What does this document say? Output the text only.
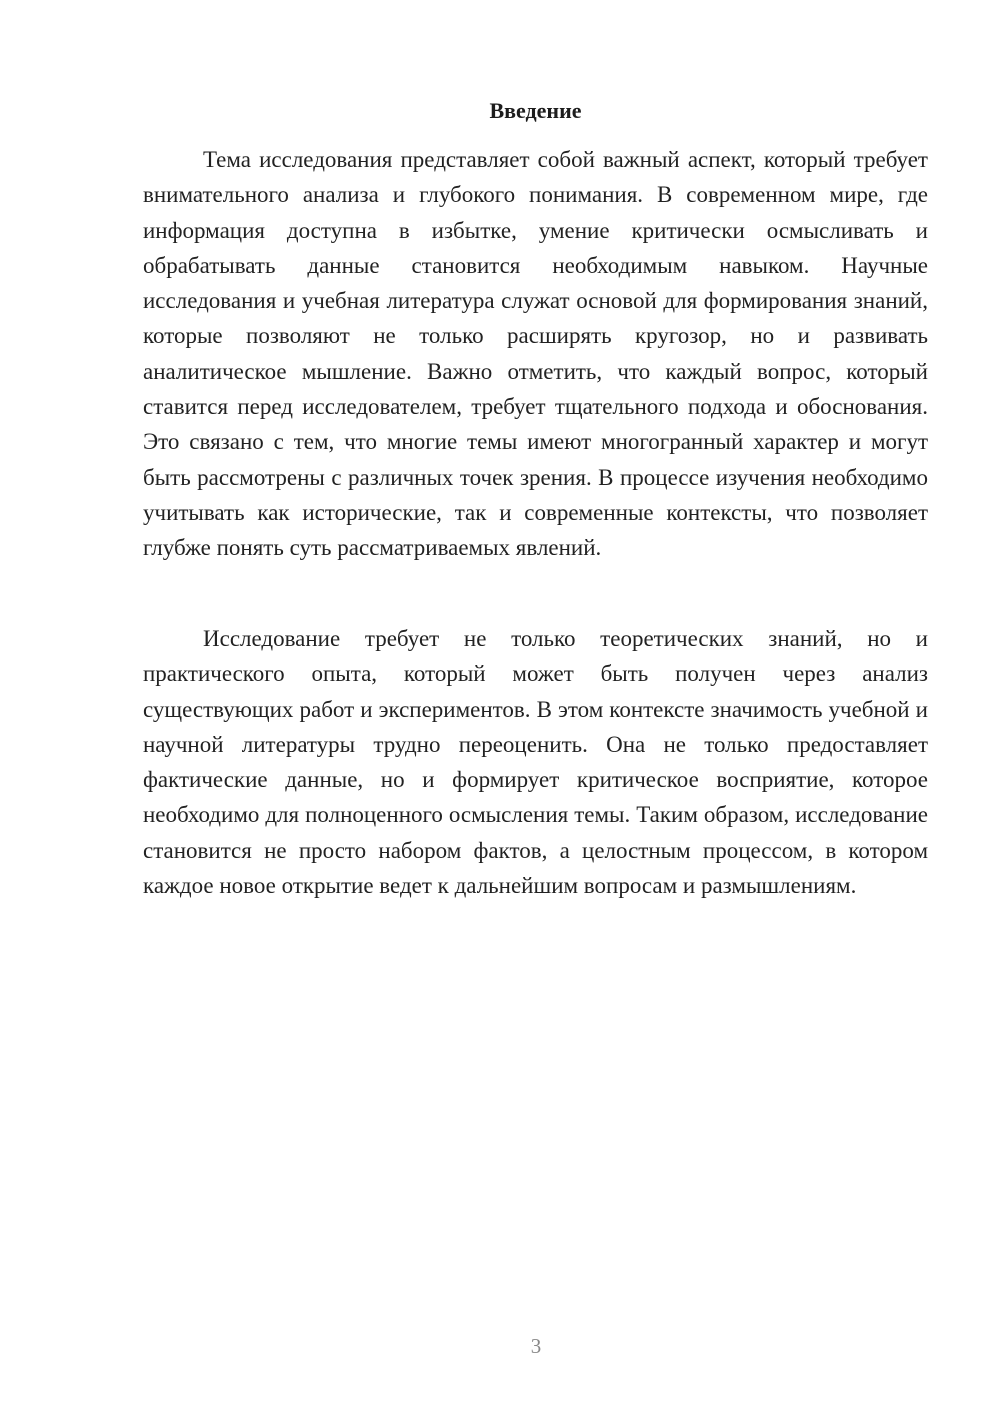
Введение

Тема исследования представляет собой важный аспект, который требует внимательного анализа и глубокого понимания. В современном мире, где информация доступна в избытке, умение критически осмысливать и обрабатывать данные становится необходимым навыком. Научные исследования и учебная литература служат основой для формирования знаний, которые позволяют не только расширять кругозор, но и развивать аналитическое мышление. Важно отметить, что каждый вопрос, который ставится перед исследователем, требует тщательного подхода и обоснования. Это связано с тем, что многие темы имеют многогранный характер и могут быть рассмотрены с различных точек зрения. В процессе изучения необходимо учитывать как исторические, так и современные контексты, что позволяет глубже понять суть рассматриваемых явлений.

Исследование требует не только теоретических знаний, но и практического опыта, который может быть получен через анализ существующих работ и экспериментов. В этом контексте значимость учебной и научной литературы трудно переоценить. Она не только предоставляет фактические данные, но и формирует критическое восприятие, которое необходимо для полноценного осмысления темы. Таким образом, исследование становится не просто набором фактов, а целостным процессом, в котором каждое новое открытие ведет к дальнейшим вопросам и размышлениям.

3
